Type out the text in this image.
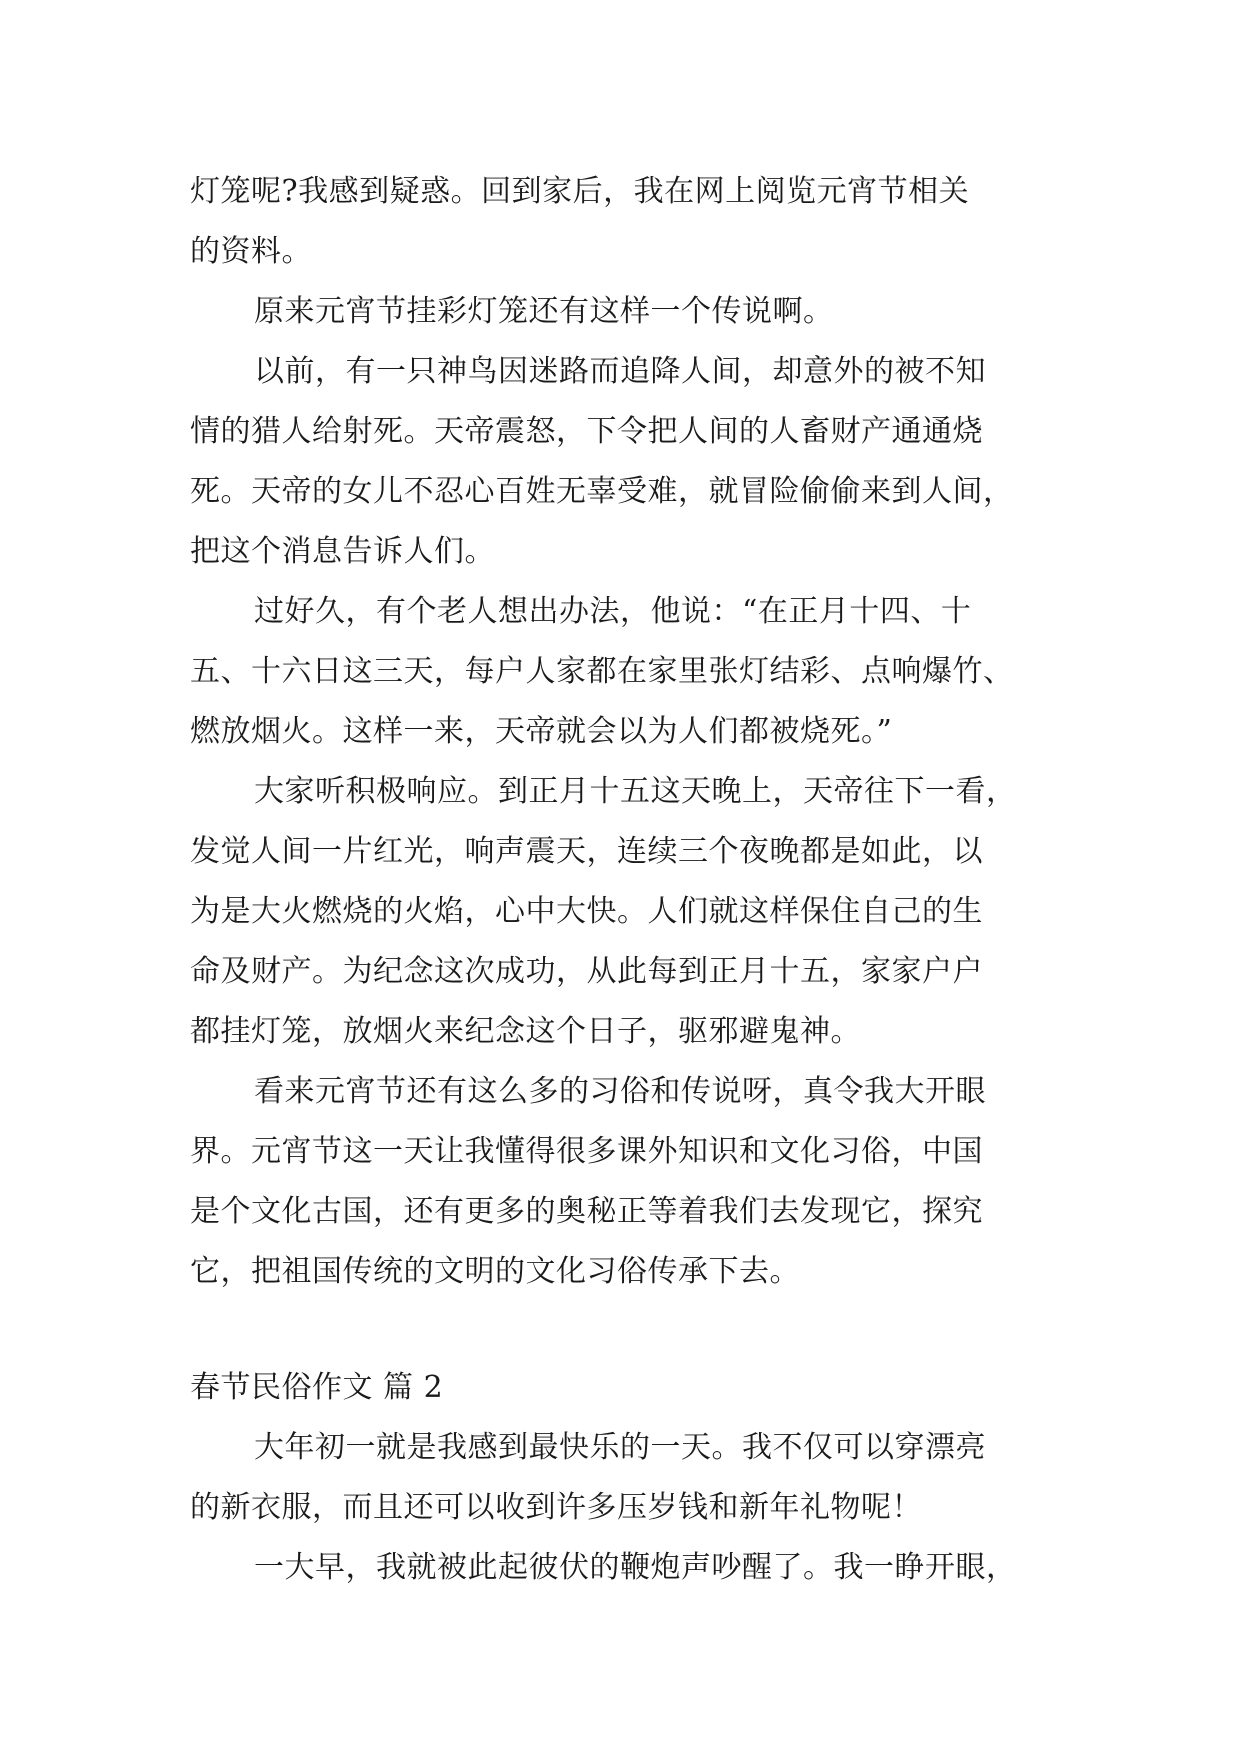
灯笼呢?我感到疑惑。回到家后，我在网上阅览元宵节相关
的资料。
原来元宵节挂彩灯笼还有这样一个传说啊。
以前，有一只神鸟因迷路而追降人间，却意外的被不知
情的猎人给射死。天帝震怒，下令把人间的人畜财产通通烧
死。天帝的女儿不忍心百姓无辜受难，就冒险偷偷来到人间，
把这个消息告诉人们。
过好久，有个老人想出办法，他说：“在正月十四、十
五、十六日这三天，每户人家都在家里张灯结彩、点响爆竹、
燃放烟火。这样一来，天帝就会以为人们都被烧死。”
大家听积极响应。到正月十五这天晚上，天帝往下一看，
发觉人间一片红光，响声震天，连续三个夜晚都是如此，以
为是大火燃烧的火焰，心中大快。人们就这样保住自己的生
命及财产。为纪念这次成功，从此每到正月十五，家家户户
都挂灯笼，放烟火来纪念这个日子，驱邪避鬼神。
看来元宵节还有这么多的习俗和传说呀，真令我大开眼
界。元宵节这一天让我懂得很多课外知识和文化习俗，中国
是个文化古国，还有更多的奥秘正等着我们去发现它，探究
它，把祖国传统的文明的文化习俗传承下去。
春节民俗作文 篇 2
大年初一就是我感到最快乐的一天。我不仅可以穿漂亮
的新衣服，而且还可以收到许多压岁钱和新年礼物呢！
一大早，我就被此起彼伏的鞭炮声吵醒了。我一睁开眼，
